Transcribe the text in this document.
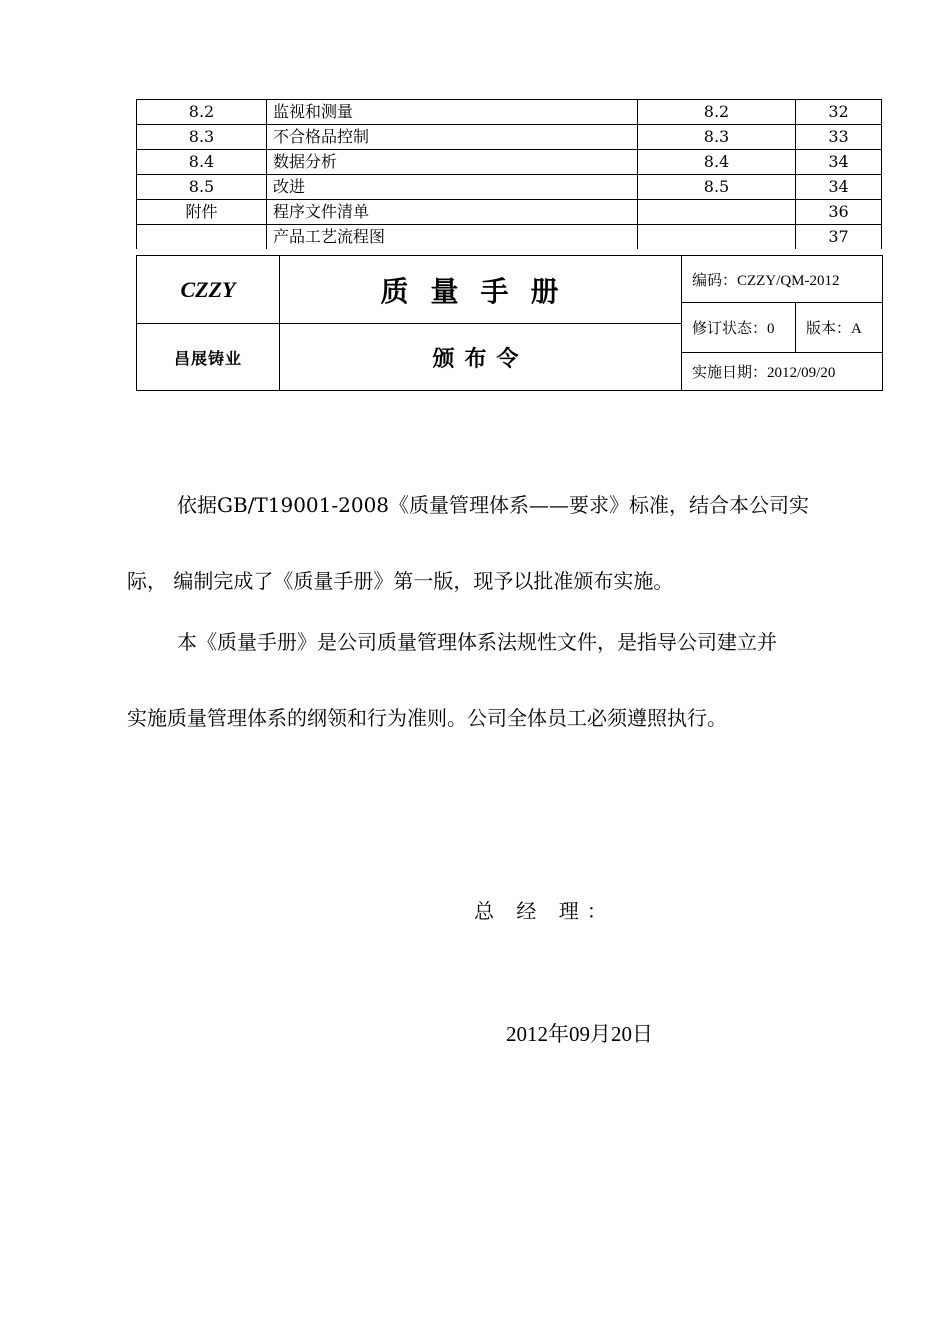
8.2	监视和测量	8.2	32
8.3	不合格品控制	8.3	33
8.4	数据分析	8.4	34
8.5	改进	8.5	34
附件	程序文件清单		36
	产品工艺流程图		37
CZZY
昌展铸业
质量手册
颁布令
编码：CZZY/QM-2012
修订状态：0	版本：A
实施日期：2012/09/20
依据GB/T19001-2008《质量管理体系——要求》标准，结合本公司实
际， 编制完成了《质量手册》第一版，现予以批准颁布实施。
本《质量手册》是公司质量管理体系法规性文件，是指导公司建立并
实施质量管理体系的纲领和行为准则。公司全体员工必须遵照执行。
总 经 理：
2012年09月20日
